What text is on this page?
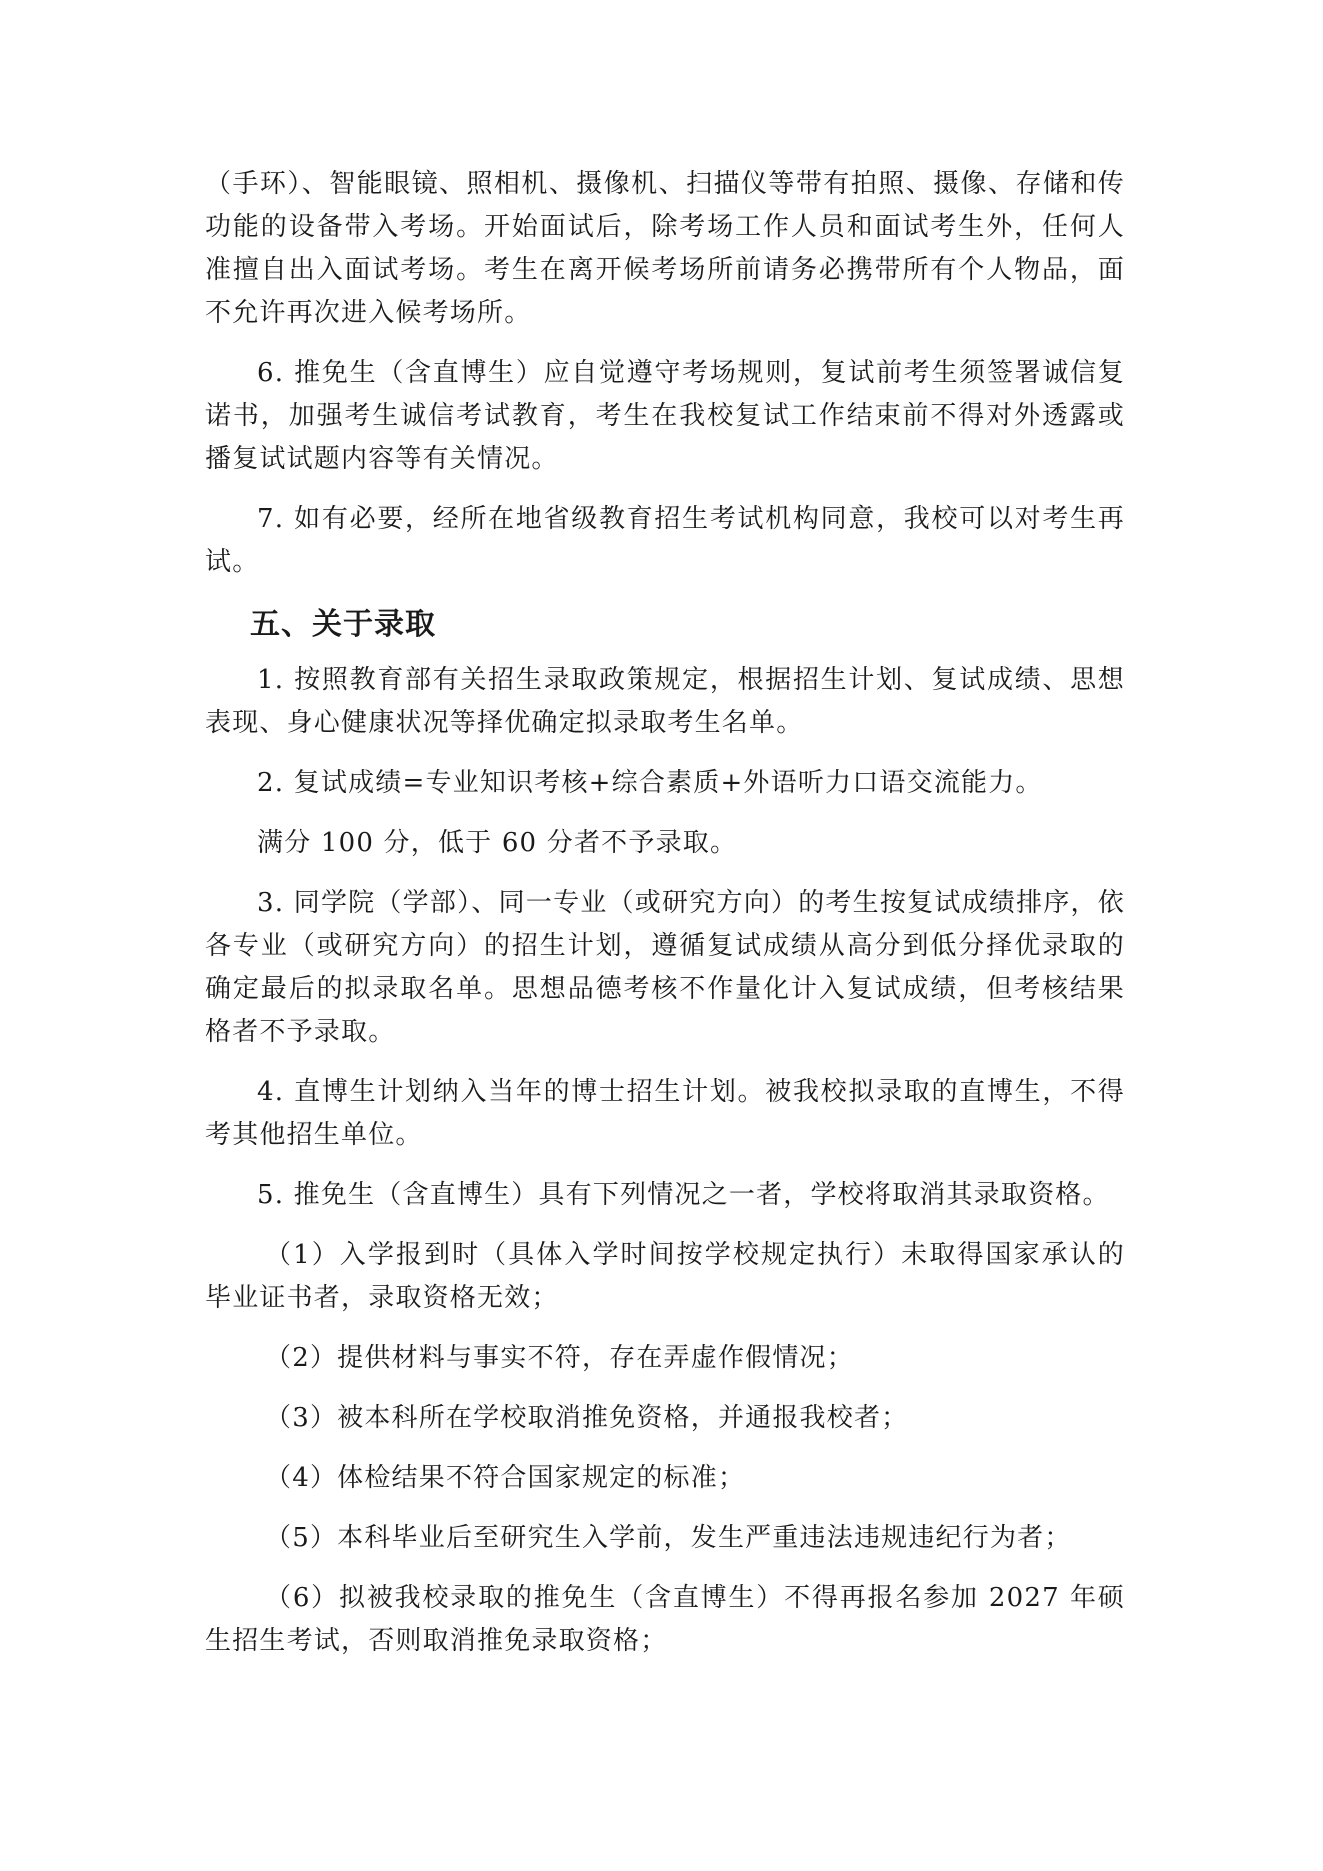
（手环）、智能眼镜、照相机、摄像机、扫描仪等带有拍照、摄像、存储和传
功能的设备带入考场。开始面试后，除考场工作人员和面试考生外，任何人
准擅自出入面试考场。考生在离开候考场所前请务必携带所有个人物品，面
不允许再次进入候考场所。
6. 推免生（含直博生）应自觉遵守考场规则，复试前考生须签署诚信复
诺书，加强考生诚信考试教育，考生在我校复试工作结束前不得对外透露或
播复试试题内容等有关情况。
7. 如有必要，经所在地省级教育招生考试机构同意，我校可以对考生再
试。
五、关于录取
1. 按照教育部有关招生录取政策规定，根据招生计划、复试成绩、思想
表现、身心健康状况等择优确定拟录取考生名单。
2. 复试成绩=专业知识考核+综合素质+外语听力口语交流能力。
满分 100 分，低于 60 分者不予录取。
3. 同学院（学部）、同一专业（或研究方向）的考生按复试成绩排序，依
各专业（或研究方向）的招生计划，遵循复试成绩从高分到低分择优录取的
确定最后的拟录取名单。思想品德考核不作量化计入复试成绩，但考核结果
格者不予录取。
4. 直博生计划纳入当年的博士招生计划。被我校拟录取的直博生，不得
考其他招生单位。
5. 推免生（含直博生）具有下列情况之一者，学校将取消其录取资格。
（1）入学报到时（具体入学时间按学校规定执行）未取得国家承认的
毕业证书者，录取资格无效；
（2）提供材料与事实不符，存在弄虚作假情况；
（3）被本科所在学校取消推免资格，并通报我校者；
（4）体检结果不符合国家规定的标准；
（5）本科毕业后至研究生入学前，发生严重违法违规违纪行为者；
（6）拟被我校录取的推免生（含直博生）不得再报名参加 2027 年硕
生招生考试，否则取消推免录取资格；
